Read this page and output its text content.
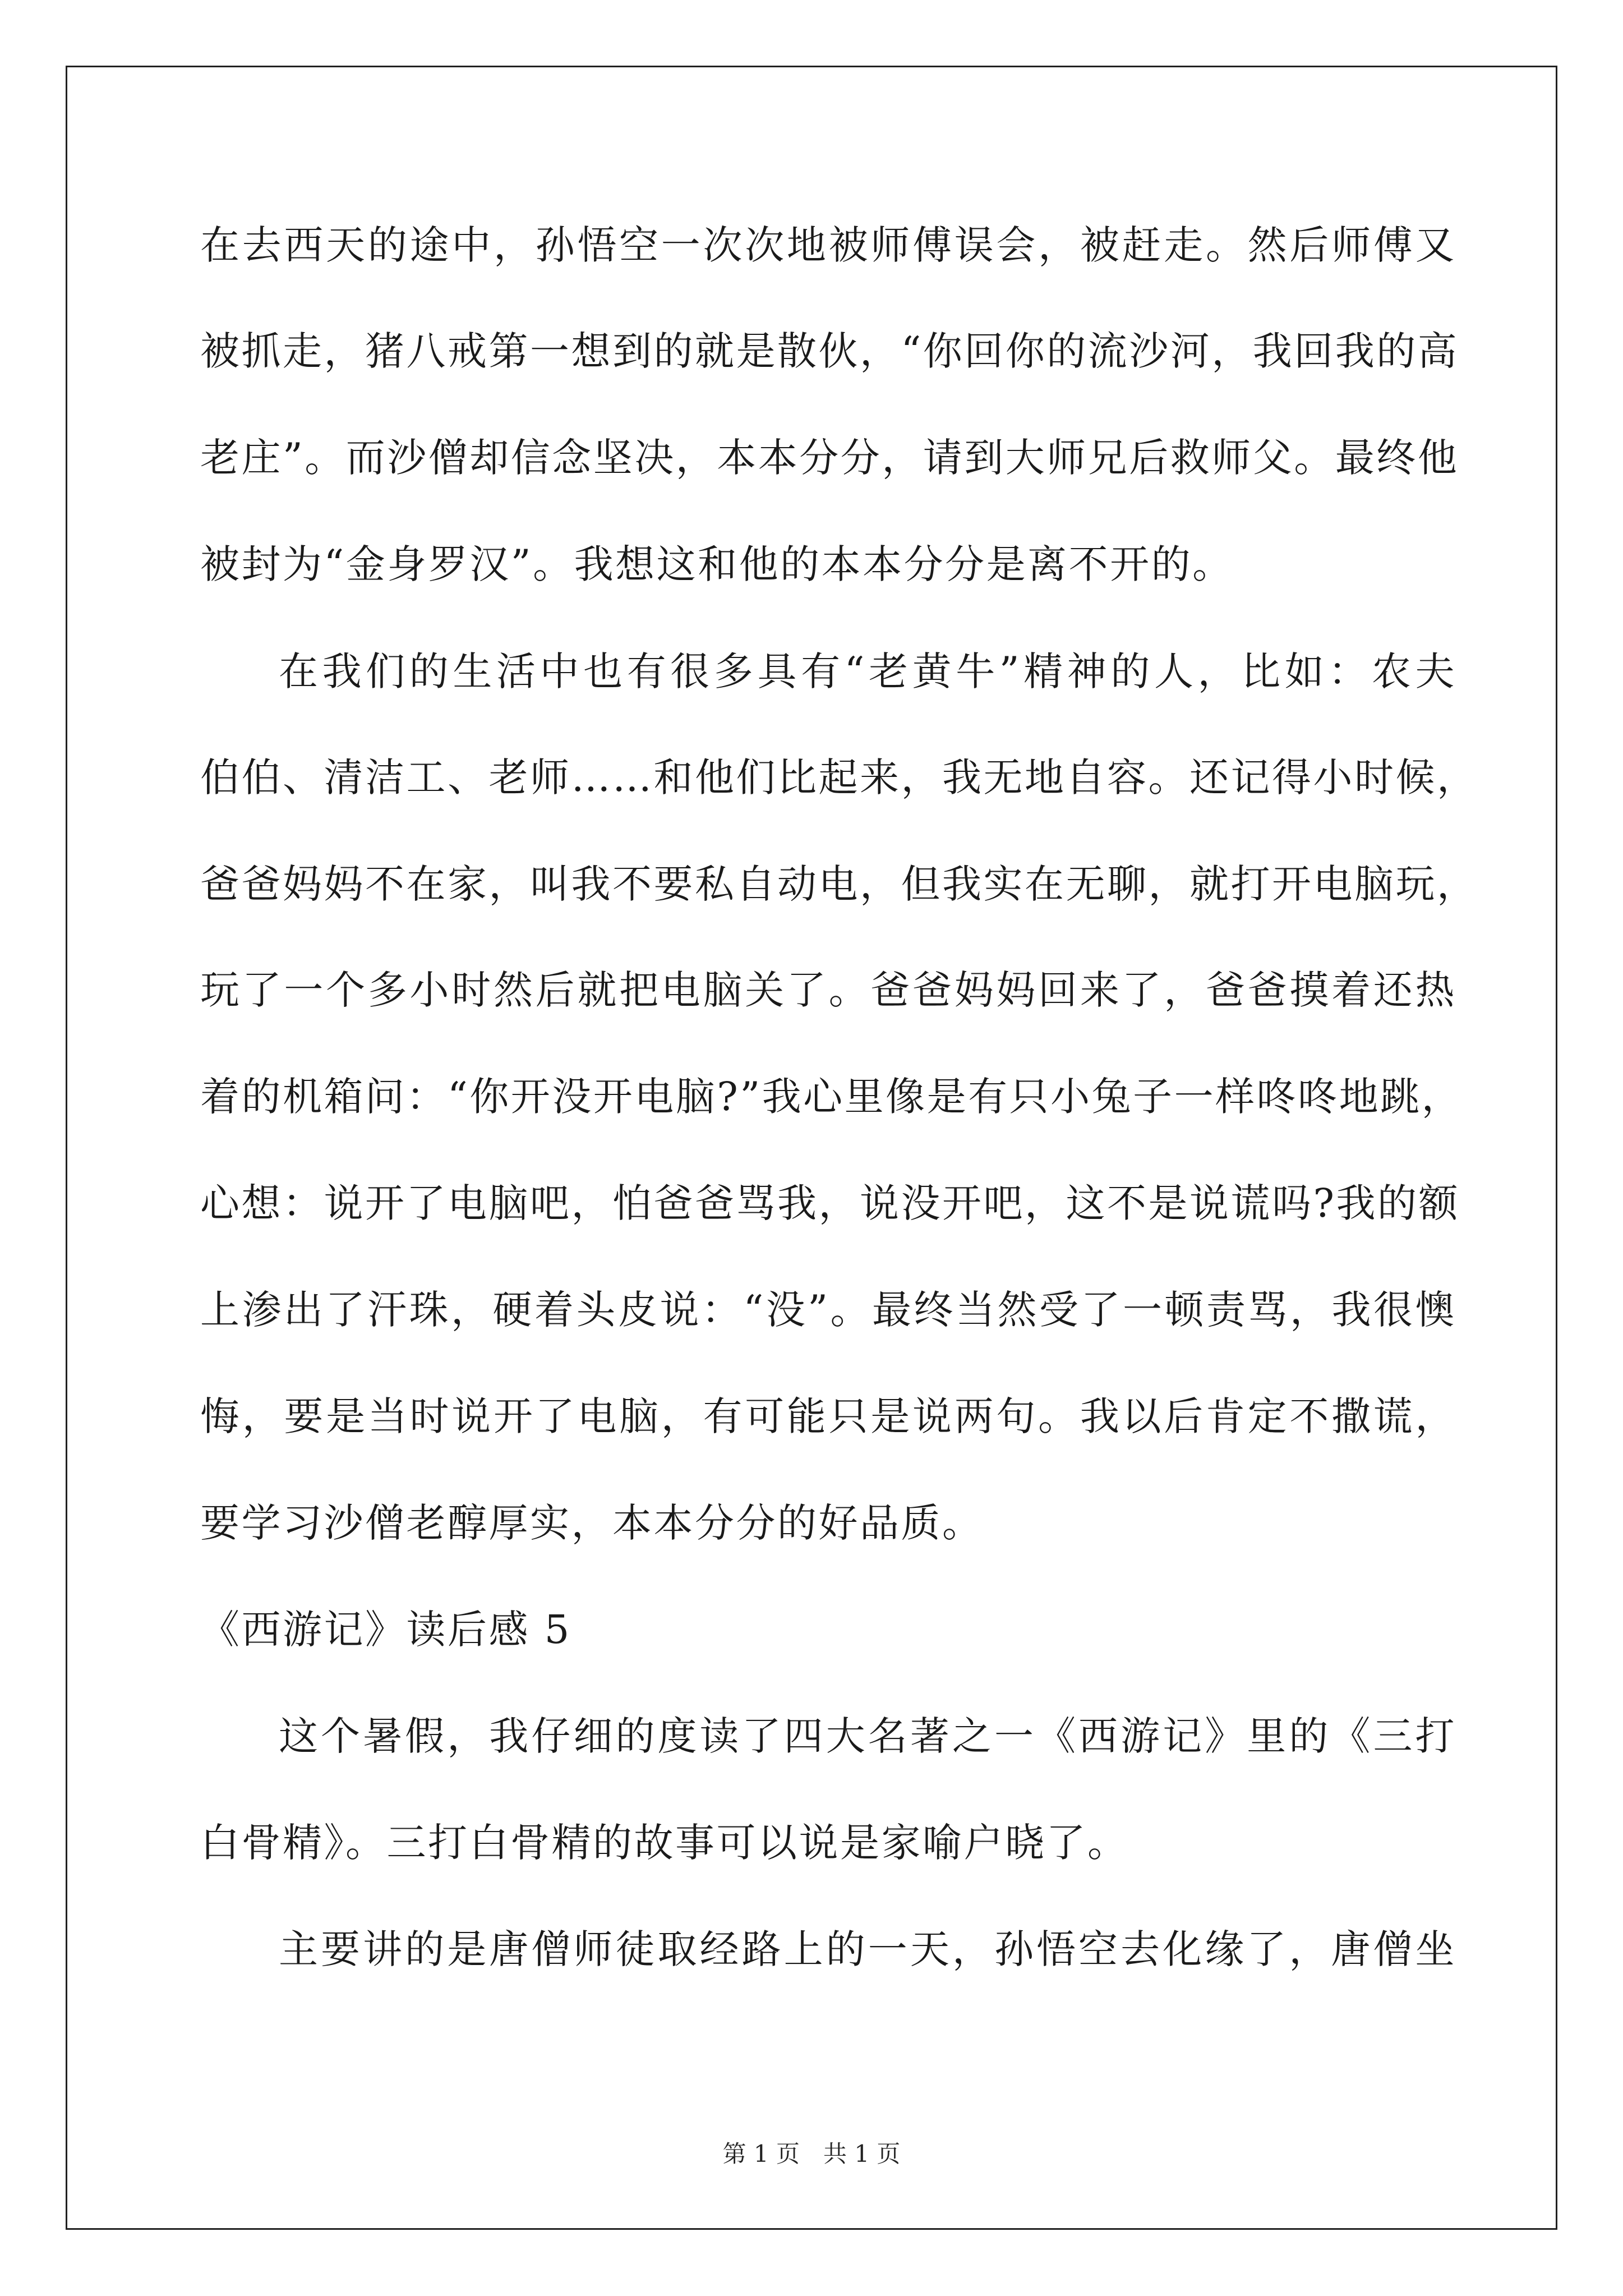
在去西天的途中，孙悟空一次次地被师傅误会，被赶走。然后师傅又
被抓走，猪八戒第一想到的就是散伙，“你回你的流沙河，我回我的高
老庄”。而沙僧却信念坚决，本本分分，请到大师兄后救师父。最终他
被封为“金身罗汉”。我想这和他的本本分分是离不开的。
在我们的生活中也有很多具有“老黄牛”精神的人，比如：农夫
伯伯、清洁工、老师……和他们比起来，我无地自容。还记得小时候，
爸爸妈妈不在家，叫我不要私自动电，但我实在无聊，就打开电脑玩，
玩了一个多小时然后就把电脑关了。爸爸妈妈回来了，爸爸摸着还热
着的机箱问：“你开没开电脑?”我心里像是有只小兔子一样咚咚地跳，
心想：说开了电脑吧，怕爸爸骂我，说没开吧，这不是说谎吗?我的额
上渗出了汗珠，硬着头皮说：“没”。最终当然受了一顿责骂，我很懊
悔，要是当时说开了电脑，有可能只是说两句。我以后肯定不撒谎，
要学习沙僧老醇厚实，本本分分的好品质。
《西游记》读后感 5
这个暑假，我仔细的度读了四大名著之一《西游记》里的《三打
白骨精》。三打白骨精的故事可以说是家喻户晓了。
主要讲的是唐僧师徒取经路上的一天，孙悟空去化缘了，唐僧坐
第 1 页　共 1 页
